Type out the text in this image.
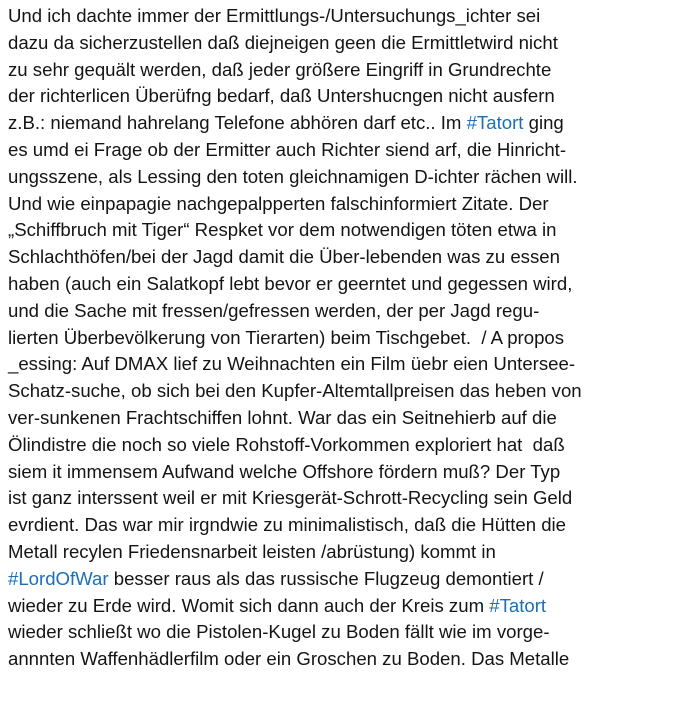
Und ich dachte immer der Ermittlungs-/Untersuchungs_ichter sei
dazu da sicherzustellen daß diejneigen geen die Ermittletwird nicht
zu sehr gequält werden, daß jeder größere Eingriff in Grundrechte
der richterlicen Überüfng bedarf, daß Untershucngen nicht ausfern
z.B.: niemand hahrelang Telefone abhören darf etc.. Im #Tatort ging
es umd ei Frage ob der Ermitter auch Richter siend arf, die Hinricht-
ungsszene, als Lessing den toten gleichnamigen D-ichter rächen will.
Und wie einpapagie nachgepalpperten falschinformiert Zitate. Der
„Schiffbruch mit Tiger“ Respket vor dem notwendigen töten etwa in
Schlachthöfen/bei der Jagd damit die Über-lebenden was zu essen
haben (auch ein Salatkopf lebt bevor er geerntet und gegessen wird,
und die Sache mit fressen/gefressen werden, der per Jagd regu-
lierten Überbevölkerung von Tierarten) beim Tischgebet.  / A propos
_essing: Auf DMAX lief zu Weihnachten ein Film üebr eien Untersee-
Schatz-suche, ob sich bei den Kupfer-Altemtallpreisen das heben von
ver-sunkenen Frachtschiffen lohnt. War das ein Seitnehierb auf die
Ölindistre die noch so viele Rohstoff-Vorkommen exploriert hat  daß
siem it immensem Aufwand welche Offshore fördern muß? Der Typ
ist ganz interssent weil er mit Kriesgerät-Schrott-Recycling sein Geld
evrdient. Das war mir irgndwie zu minimalistisch, daß die Hütten die
Metall recylen Friedensnarbeit leisten /abrüstung) kommt in
#LordOfWar besser raus als das russische Flugzeug demontiert /
wieder zu Erde wird. Womit sich dann auch der Kreis zum #Tatort
wieder schließt wo die Pistolen-Kugel zu Boden fällt wie im vorge-
annnten Waffenhädlerfilm oder ein Groschen zu Boden. Das Metalle
